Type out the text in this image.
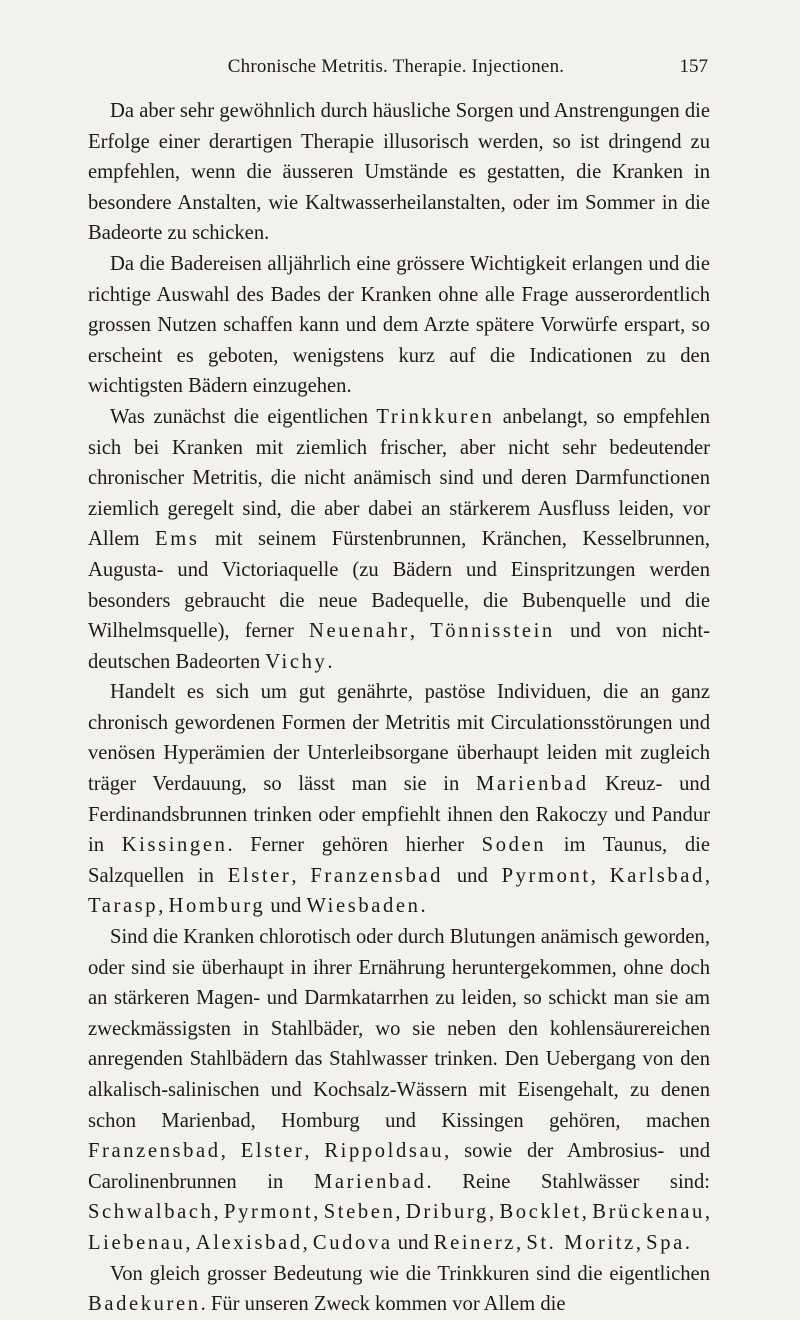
Chronische Metritis. Therapie. Injectionen.	157

Da aber sehr gewöhnlich durch häusliche Sorgen und Anstrengungen die Erfolge einer derartigen Therapie illusorisch werden, so ist dringend zu empfehlen, wenn die äusseren Umstände es gestatten, die Kranken in besondere Anstalten, wie Kaltwasserheilanstalten, oder im Sommer in die Badeorte zu schicken.

Da die Badereisen alljährlich eine grössere Wichtigkeit erlangen und die richtige Auswahl des Bades der Kranken ohne alle Frage ausserordentlich grossen Nutzen schaffen kann und dem Arzte spätere Vorwürfe erspart, so erscheint es geboten, wenigstens kurz auf die Indicationen zu den wichtigsten Bädern einzugehen.

Was zunächst die eigentlichen Trinkkuren anbelangt, so empfehlen sich bei Kranken mit ziemlich frischer, aber nicht sehr bedeutender chronischer Metritis, die nicht anämisch sind und deren Darmfunctionen ziemlich geregelt sind, die aber dabei an stärkerem Ausfluss leiden, vor Allem Ems mit seinem Fürstenbrunnen, Kränchen, Kesselbrunnen, Augusta- und Victoriaquelle (zu Bädern und Einspritzungen werden besonders gebraucht die neue Badequelle, die Bubenquelle und die Wilhelmsquelle), ferner Neuenahr, Tönnisstein und von nicht-deutschen Badeorten Vichy.

Handelt es sich um gut genährte, pastöse Individuen, die an ganz chronisch gewordenen Formen der Metritis mit Circulationsstörungen und venösen Hyperämien der Unterleibsorgane überhaupt leiden mit zugleich träger Verdauung, so lässt man sie in Marienbad Kreuz- und Ferdinandsbrunnen trinken oder empfiehlt ihnen den Rakoczy und Pandur in Kissingen. Ferner gehören hierher Soden im Taunus, die Salzquellen in Elster, Franzensbad und Pyrmont, Karlsbad, Tarasp, Homburg und Wiesbaden.

Sind die Kranken chlorotisch oder durch Blutungen anämisch geworden, oder sind sie überhaupt in ihrer Ernährung heruntergekommen, ohne doch an stärkeren Magen- und Darmkatarrhen zu leiden, so schickt man sie am zweckmässigsten in Stahlbäder, wo sie neben den kohlensäurereichen anregenden Stahlbädern das Stahlwasser trinken. Den Uebergang von den alkalisch-salinischen und Kochsalz-Wässern mit Eisengehalt, zu denen schon Marienbad, Homburg und Kissingen gehören, machen Franzensbad, Elster, Rippoldsau, sowie der Ambrosius- und Carolinenbrunnen in Marienbad. Reine Stahlwässer sind: Schwalbach, Pyrmont, Steben, Driburg, Bocklet, Brückenau, Liebenau, Alexisbad, Cudova und Reinerz, St. Moritz, Spa.

Von gleich grosser Bedeutung wie die Trinkkuren sind die eigentlichen Badekuren. Für unseren Zweck kommen vor Allem die
